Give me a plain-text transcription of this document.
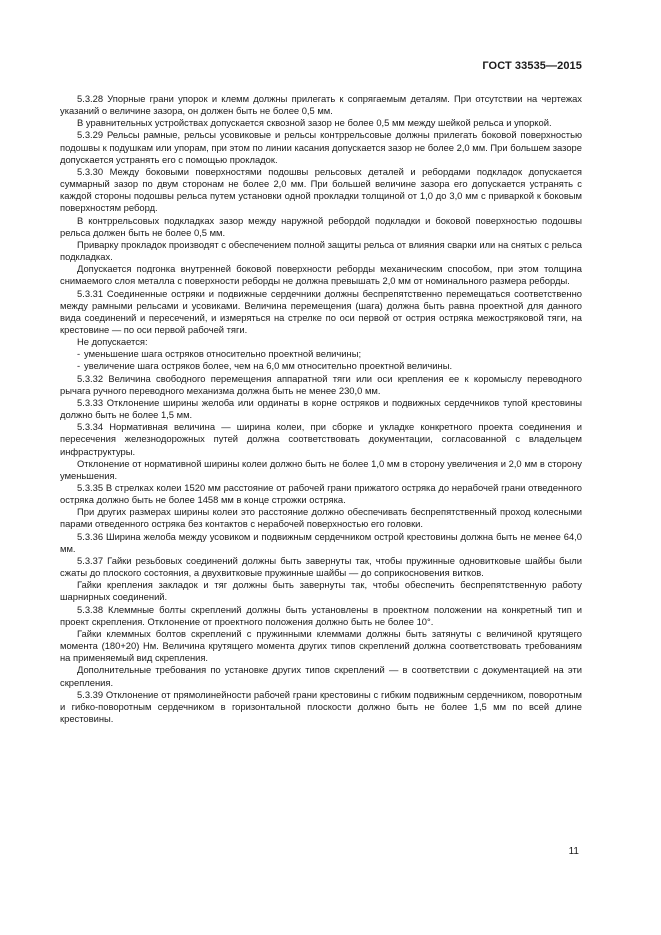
ГОСТ 33535—2015

5.3.28 Упорные грани упорок и клемм должны прилегать к сопрягаемым деталям. При отсутствии на чертежах указаний о величине зазора, он должен быть не более 0,5 мм.

В уравнительных устройствах допускается сквозной зазор не более 0,5 мм между шейкой рельса и упоркой.

5.3.29 Рельсы рамные, рельсы усовиковые и рельсы контррельсовые должны прилегать боковой поверхностью подошвы к подушкам или упорам, при этом по линии касания допускается зазор не более 2,0 мм. При большем зазоре допускается устранять его с помощью прокладок.

5.3.30 Между боковыми поверхностями подошвы рельсовых деталей и ребордами подкладок допускается суммарный зазор по двум сторонам не более 2,0 мм. При большей величине зазора его допускается устранять с каждой стороны подошвы рельса путем установки одной прокладки толщиной от 1,0 до 3,0 мм с приваркой к боковым поверхностям реборд.

В контррельсовых подкладках зазор между наружной ребордой подкладки и боковой поверхностью подошвы рельса должен быть не более 0,5 мм.

Приварку прокладок производят с обеспечением полной защиты рельса от влияния сварки или на снятых с рельса подкладках.

Допускается подгонка внутренней боковой поверхности реборды механическим способом, при этом толщина снимаемого слоя металла с поверхности реборды не должна превышать 2,0 мм от номинального размера реборды.

5.3.31 Соединенные остряки и подвижные сердечники должны беспрепятственно перемещаться соответственно между рамными рельсами и усовиками. Величина перемещения (шага) должна быть равна проектной для данного вида соединений и пересечений, и измеряться на стрелке по оси первой от острия остряка межостряковой тяги, на крестовине — по оси первой рабочей тяги.

Не допускается:

- уменьшение шага остряков относительно проектной величины;

- увеличение шага остряков более, чем на 6,0 мм относительно проектной величины.

5.3.32 Величина свободного перемещения аппаратной тяги или оси крепления ее к коромыслу переводного рычага ручного переводного механизма должна быть не менее 230,0 мм.

5.3.33 Отклонение ширины желоба или ординаты в корне остряков и подвижных сердечников тупой крестовины должно быть не более 1,5 мм.

5.3.34 Нормативная величина — ширина колеи, при сборке и укладке конкретного проекта соединения и пересечения железнодорожных путей должна соответствовать документации, согласованной с владельцем инфраструктуры.

Отклонение от нормативной ширины колеи должно быть не более 1,0 мм в сторону увеличения и 2,0 мм в сторону уменьшения.

5.3.35 В стрелках колеи 1520 мм расстояние от рабочей грани прижатого остряка до нерабочей грани отведенного остряка должно быть не более 1458 мм в конце строжки остряка.

При других размерах ширины колеи это расстояние должно обеспечивать беспрепятственный проход колесными парами отведенного остряка без контактов с нерабочей поверхностью его головки.

5.3.36 Ширина желоба между усовиком и подвижным сердечником острой крестовины должна быть не менее 64,0 мм.

5.3.37 Гайки резьбовых соединений должны быть завернуты так, чтобы пружинные одновитковые шайбы были сжаты до плоского состояния, а двухвитковые пружинные шайбы — до соприкосновения витков.

Гайки крепления закладок и тяг должны быть завернуты так, чтобы обеспечить беспрепятственную работу шарнирных соединений.

5.3.38 Клеммные болты скреплений должны быть установлены в проектном положении на конкретный тип и проект скрепления. Отклонение от проектного положения должно быть не более 10°.

Гайки клеммных болтов скреплений с пружинными клеммами должны быть затянуты с величиной крутящего момента (180+20) Нм. Величина крутящего момента других типов скреплений должна соответствовать требованиям на применяемый вид скрепления.

Дополнительные требования по установке других типов скреплений — в соответствии с документацией на эти скрепления.

5.3.39 Отклонение от прямолинейности рабочей грани крестовины с гибким подвижным сердечником, поворотным и гибко-поворотным сердечником в горизонтальной плоскости должно быть не более 1,5 мм по всей длине крестовины.

11
